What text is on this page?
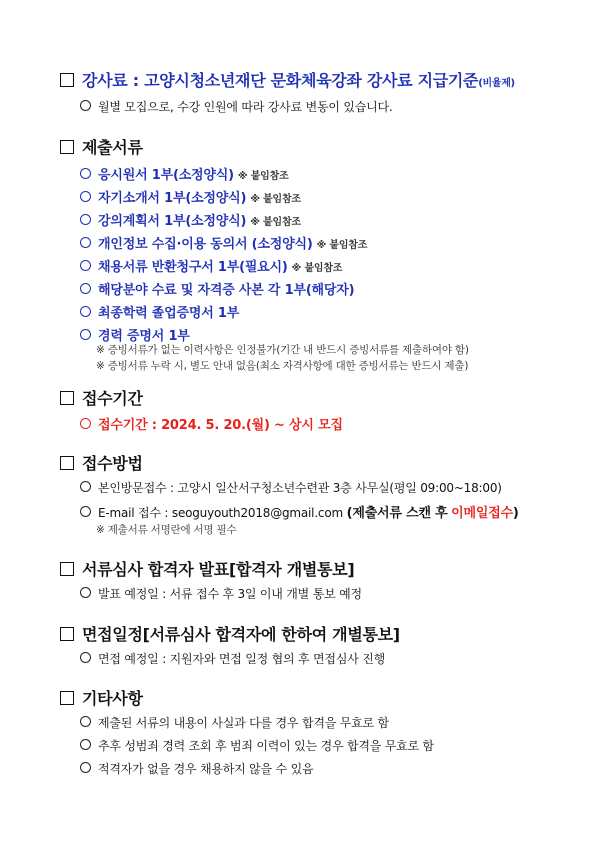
강사료 : 고양시청소년재단 문화체육강좌 강사료 지급기준(비율제)
월별 모집으로, 수강 인원에 따라 강사료 변동이 있습니다.
제출서류
응시원서 1부(소정양식) ※ 붙임참조
자기소개서 1부(소정양식) ※ 붙임참조
강의계획서 1부(소정양식) ※ 붙임참조
개인정보 수집·이용 동의서 (소정양식) ※ 붙임참조
채용서류 반환청구서 1부(필요시) ※ 붙임참조
해당분야 수료 및 자격증 사본 각 1부(해당자)
최종학력 졸업증명서 1부
경력 증명서 1부
※ 증빙서류가 없는 이력사항은 인정불가(기간 내 반드시 증빙서류를 제출하여야 함)
※ 증빙서류 누락 시, 별도 안내 없음(최소 자격사항에 대한 증빙서류는 반드시 제출)
접수기간
접수기간 : 2024. 5. 20.(월) ~ 상시 모집
접수방법
본인방문접수 : 고양시 일산서구청소년수련관 3층 사무실(평일 09:00~18:00)
E-mail 접수 : seoguyouth2018@gmail.com (제출서류 스캔 후 이메일접수)
※ 제출서류 서명란에 서명 필수
서류심사 합격자 발표[합격자 개별통보]
발표 예정일 : 서류 접수 후 3일 이내 개별 통보 예정
면접일정[서류심사 합격자에 한하여 개별통보]
면접 예정일 : 지원자와 면접 일정 협의 후 면접심사 진행
기타사항
제출된 서류의 내용이 사실과 다를 경우 합격을 무효로 함
추후 성범죄 경력 조회 후 범죄 이력이 있는 경우 합격을 무효로 함
적격자가 없을 경우 채용하지 않을 수 있음
